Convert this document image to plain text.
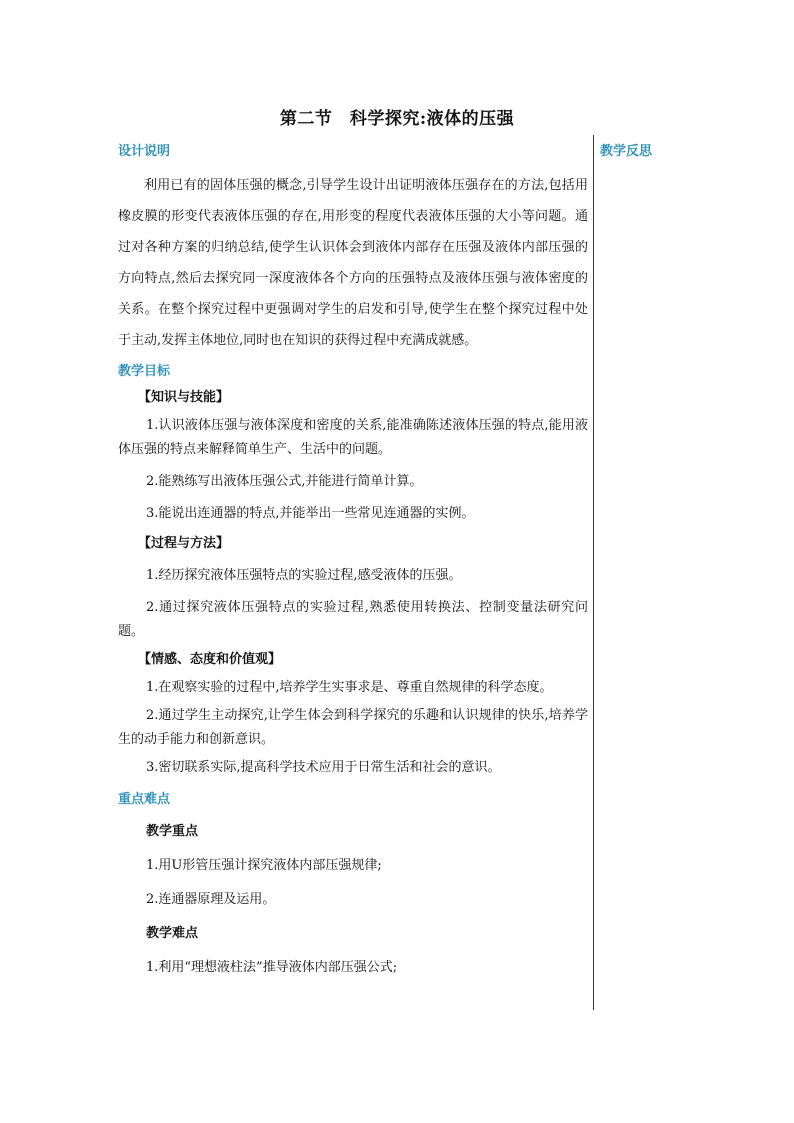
第二节　科学探究:液体的压强
教学反思
设计说明

利用已有的固体压强的概念,引导学生设计出证明液体压强存在的方法,包括用橡皮膜的形变代表液体压强的存在,用形变的程度代表液体压强的大小等问题。通过对各种方案的归纳总结,使学生认识体会到液体内部存在压强及液体内部压强的方向特点,然后去探究同一深度液体各个方向的压强特点及液体压强与液体密度的关系。在整个探究过程中更强调对学生的启发和引导,使学生在整个探究过程中处于主动,发挥主体地位,同时也在知识的获得过程中充满成就感。

教学目标
【知识与技能】

1.认识液体压强与液体深度和密度的关系,能准确陈述液体压强的特点,能用液体压强的特点来解释简单生产、生活中的问题。

2.能熟练写出液体压强公式,并能进行简单计算。

3.能说出连通器的特点,并能举出一些常见连通器的实例。

【过程与方法】

1.经历探究液体压强特点的实验过程,感受液体的压强。

2.通过探究液体压强特点的实验过程,熟悉使用转换法、控制变量法研究问题。

【情感、态度和价值观】

1.在观察实验的过程中,培养学生实事求是、尊重自然规律的科学态度。

2.通过学生主动探究,让学生体会到科学探究的乐趣和认识规律的快乐,培养学生的动手能力和创新意识。

3.密切联系实际,提高科学技术应用于日常生活和社会的意识。

重点难点
教学重点

1.用U形管压强计探究液体内部压强规律;

2.连通器原理及运用。

教学难点

1.利用“理想液柱法”推导液体内部压强公式;
